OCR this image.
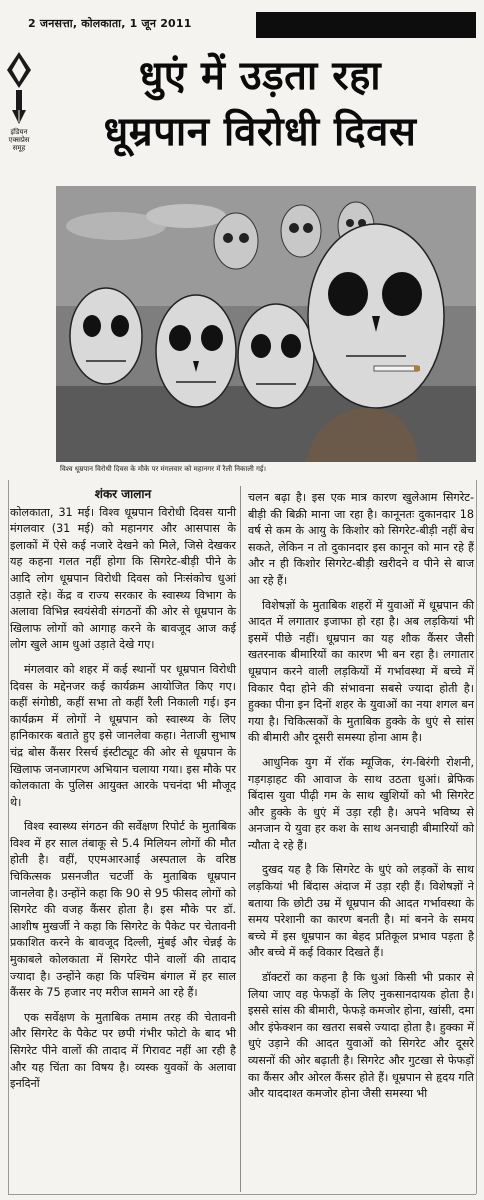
2 जनसत्ता, कोलकाता, 1 जून 2011
इंडियन एक्सप्रेस समूह
धुएं में उड़ता रहा
धूम्रपान विरोधी दिवस
विश्व धूम्रपान विरोधी दिवस के मौके पर मंगलवार को महानगर में रैली निकाली गई।
शंकर जालान

कोलकाता, 31 मई। विश्व धूम्रपान विरोधी दिवस यानी मंगलवार (31 मई) को महानगर और आसपास के इलाकों में ऐसे कई नजारे देखने को मिले, जिसे देखकर यह कहना गलत नहीं होगा कि सिगरेट-बीड़ी पीने के आदि लोग धूम्रपान विरोधी दिवस को निःसंकोच धुआं उड़ाते रहे। केंद्र व राज्य सरकार के स्वास्थ्य विभाग के अलावा विभिन्न स्वयंसेवी संगठनों की ओर से धूम्रपान के खिलाफ लोगों को आगाह करने के बावजूद आज कई लोग खुले आम धुआं उड़ाते देखे गए।

मंगलवार को शहर में कई स्थानों पर धूम्रपान विरोधी दिवस के मद्देनजर कई कार्यक्रम आयोजित किए गए। कहीं संगोष्ठी, कहीं सभा तो कहीं रैली निकाली गई। इन कार्यक्रम में लोगों ने धूम्रपान को स्वास्थ्य के लिए हानिकारक बताते हुए इसे जानलेवा कहा। नेताजी सुभाष चंद्र बोस कैंसर रिसर्च इंस्टीट्यूट की ओर से धूम्रपान के खिलाफ जनजागरण अभियान चलाया गया। इस मौके पर कोलकाता के पुलिस आयुक्त आरके पचनंदा भी मौजूद थे।

विश्व स्वास्थ्य संगठन की सर्वेक्षण रिपोर्ट के मुताबिक विश्व में हर साल तंबाकू से 5.4 मिलियन लोगों की मौत होती है। वहीं, एएमआरआई अस्पताल के वरिष्ठ चिकित्सक प्रसनजीत चटर्जी के मुताबिक धूम्रपान जानलेवा है। उन्होंने कहा कि 90 से 95 फीसद लोगों को सिगरेट की वजह कैंसर होता है। इस मौके पर डॉ. आशीष मुखर्जी ने कहा कि सिगरेट के पैकेट पर चेतावनी प्रकाशित करने के बावजूद दिल्ली, मुंबई और चेन्नई के मुकाबले कोलकाता में सिगरेट पीने वालों की तादाद ज्यादा है। उन्होंने कहा कि पश्चिम बंगाल में हर साल कैंसर के 75 हजार नए मरीज सामने आ रहे हैं।

एक सर्वेक्षण के मुताबिक तमाम तरह की चेतावनी और सिगरेट के पैकेट पर छपी गंभीर फोटो के बाद भी सिगरेट पीने वालों की तादाद में गिरावट नहीं आ रही है और यह चिंता का विषय है। व्यस्क युवकों के अलावा इनदिनों

चलन बढ़ा है। इस एक मात्र कारण खुलेआम सिगरेट-बीड़ी की बिक्री माना जा रहा है। कानूनतः दुकानदार 18 वर्ष से कम के आयु के किशोर को सिगरेट-बीड़ी नहीं बेच सकते, लेकिन न तो दुकानदार इस कानून को मान रहे हैं और न ही किशोर सिगरेट-बीड़ी खरीदने व पीने से बाज आ रहे हैं।

विशेषज्ञों के मुताबिक शहरों में युवाओं में धूम्रपान की आदत में लगातार इजाफा हो रहा है। अब लड़कियां भी इसमें पीछे नहीं। धूम्रपान का यह शौक कैंसर जैसी खतरनाक बीमारियों का कारण भी बन रहा है। लगातार धूम्रपान करने वाली लड़कियों में गर्भावस्था में बच्चे में विकार पैदा होने की संभावना सबसे ज्यादा होती है। हुक्का पीना इन दिनों शहर के युवाओं का नया शगल बन गया है। चिकित्सकों के मुताबिक हुक्के के धुएं से सांस की बीमारी और दूसरी समस्या होना आम है।

आधुनिक युग में रॉक म्यूजिक, रंग-बिरंगी रोशनी, गड़गड़ाहट की आवाज के साथ उठता धुआं। ब्रेफिक बिंदास युवा पीढ़ी गम के साथ खुशियों को भी सिगरेट और हुक्के के धुएं में उड़ा रही है। अपने भविष्य से अनजान ये युवा हर कश के साथ अनचाही बीमारियों को न्यौता दे रहे हैं।

दुखद यह है कि सिगरेट के धुएं को लड़कों के साथ लड़कियां भी बिंदास अंदाज में उड़ा रही हैं। विशेषज्ञों ने बताया कि छोटी उम्र में धूम्रपान की आदत गर्भावस्था के समय परेशानी का कारण बनती है। मां बनने के समय बच्चे में इस धूम्रपान का बेहद प्रतिकूल प्रभाव पड़ता है और बच्चे में कई विकार दिखते हैं।

डॉक्टरों का कहना है कि धुआं किसी भी प्रकार से लिया जाए वह फेफड़ों के लिए नुकसानदायक होता है। इससे सांस की बीमारी, फेफड़े कमजोर होना, खांसी, दमा और इंफेक्शन का खतरा सबसे ज्यादा होता है। हुक्का में धुएं उड़ाने की आदत युवाओं को सिगरेट और दूसरे व्यसनों की ओर बढ़ाती है। सिगरेट और गुटखा से फेफड़ों का कैंसर और ओरल कैंसर होते हैं। धूम्रपान से हृदय गति और याददाश्त कमजोर होना जैसी समस्या भी
